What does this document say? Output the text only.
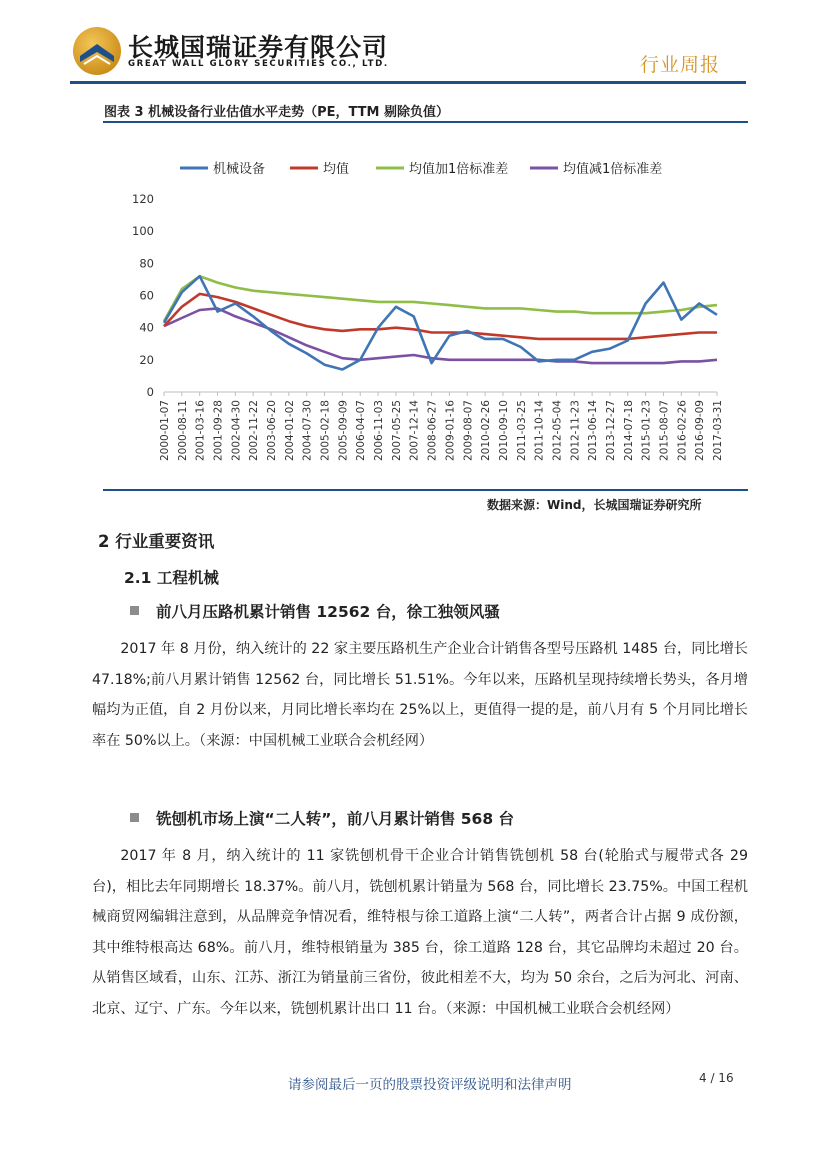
长城国瑞证券有限公司
GREAT WALL GLORY SECURITIES CO., LTD.	行业周报
图表 3 机械设备行业估值水平走势（PE，TTM 剔除负值）
机械设备	均值	均值加1倍标准差	均值减1倍标准差
0
20
40
60
80
100
120
2000-01-07 2000-08-11 2001-03-16 2001-09-28 2002-04-30 2002-11-22 2003-06-20 2004-01-02 2004-07-30 2005-02-18 2005-09-09 2006-04-07 2006-11-03 2007-05-25 2007-12-14 2008-06-27 2009-01-16 2009-08-07 2010-02-26 2010-09-10 2011-03-25 2011-10-14 2012-05-04 2012-11-23 2013-06-14 2013-12-27 2014-07-18 2015-01-23 2015-08-07 2016-02-26 2016-09-09 2017-03-31
数据来源：Wind，长城国瑞证券研究所
2 行业重要资讯
2.1 工程机械
前八月压路机累计销售 12562 台，徐工独领风骚
2017 年 8 月份，纳入统计的 22 家主要压路机生产企业合计销售各型号压路机 1485 台，同比增长 47.18%;前八月累计销售 12562 台，同比增长 51.51%。今年以来，压路机呈现持续增长势头，各月增幅均为正值，自 2 月份以来，月同比增长率均在 25%以上，更值得一提的是，前八月有 5 个月同比增长率在 50%以上。（来源：中国机械工业联合会机经网）
铣刨机市场上演“二人转”，前八月累计销售 568 台
2017 年 8 月，纳入统计的 11 家铣刨机骨干企业合计销售铣刨机 58 台(轮胎式与履带式各 29 台)，相比去年同期增长 18.37%。前八月，铣刨机累计销量为 568 台，同比增长 23.75%。中国工程机械商贸网编辑注意到，从品牌竞争情况看，维特根与徐工道路上演“二人转”，两者合计占据 9 成份额，其中维特根高达 68%。前八月，维特根销量为 385 台，徐工道路 128 台，其它品牌均未超过 20 台。从销售区域看，山东、江苏、浙江为销量前三省份，彼此相差不大，均为 50 余台，之后为河北、河南、北京、辽宁、广东。今年以来，铣刨机累计出口 11 台。（来源：中国机械工业联合会机经网）
请参阅最后一页的股票投资评级说明和法律声明	4 / 16
